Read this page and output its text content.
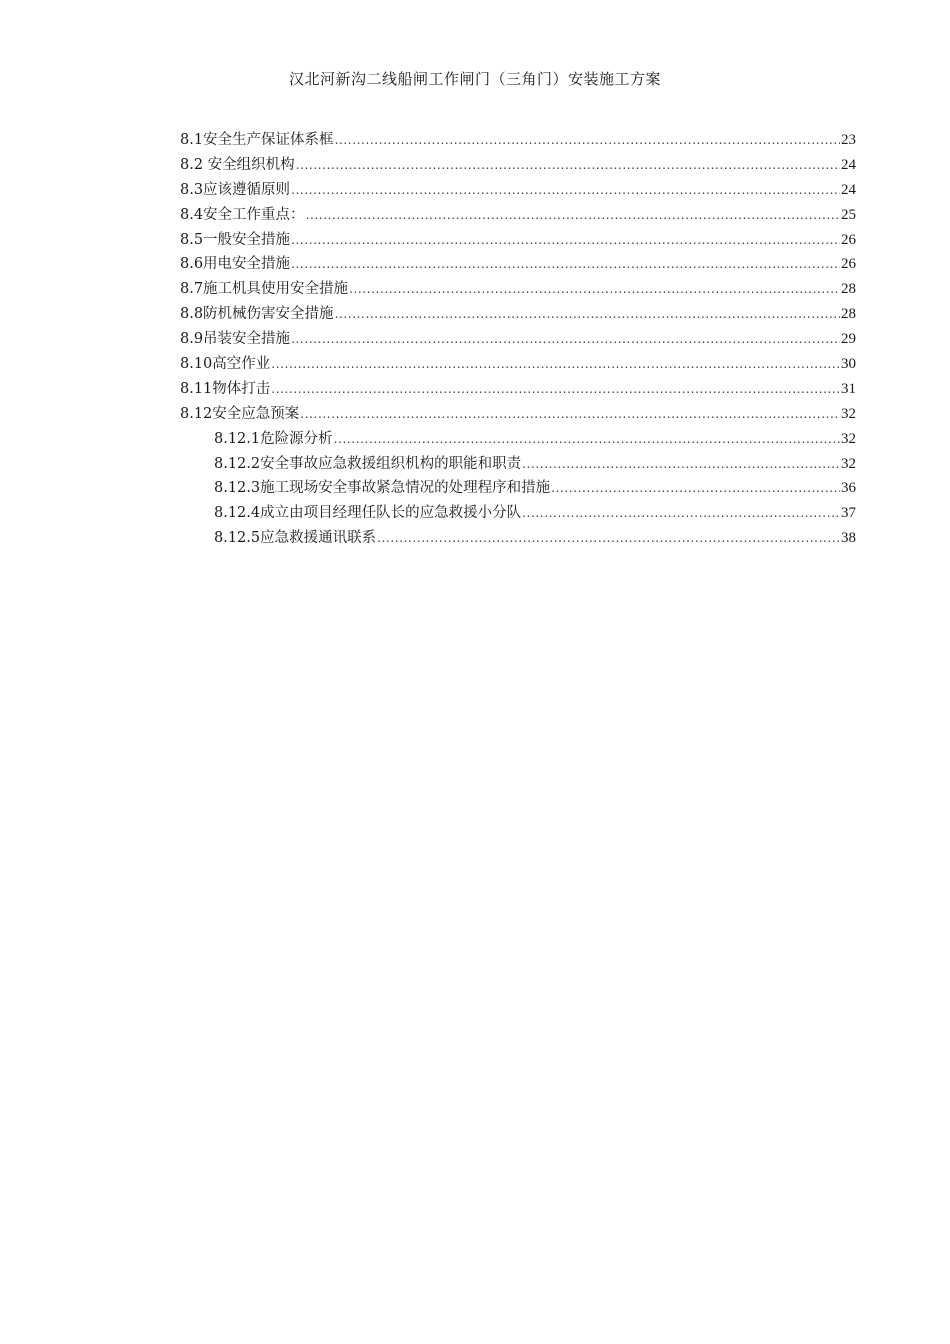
汉北河新沟二线船闸工作闸门（三角门）安装施工方案
8.1安全生产保证体系框 .....	23
8.2 安全组织机构 .....	24
8.3应该遵循原则 .....	24
8.4安全工作重点： .....	25
8.5一般安全措施 .....	26
8.6用电安全措施 .....	26
8.7施工机具使用安全措施 .....	28
8.8防机械伤害安全措施 .....	28
8.9吊装安全措施 .....	29
8.10高空作业 .....	30
8.11物体打击 .....	31
8.12安全应急预案 .....	32
8.12.1危险源分析 .....	32
8.12.2安全事故应急救援组织机构的职能和职责 .....	32
8.12.3施工现场安全事故紧急情况的处理程序和措施 .....	36
8.12.4成立由项目经理任队长的应急救援小分队 .....	37
8.12.5应急救援通讯联系 .....	38
